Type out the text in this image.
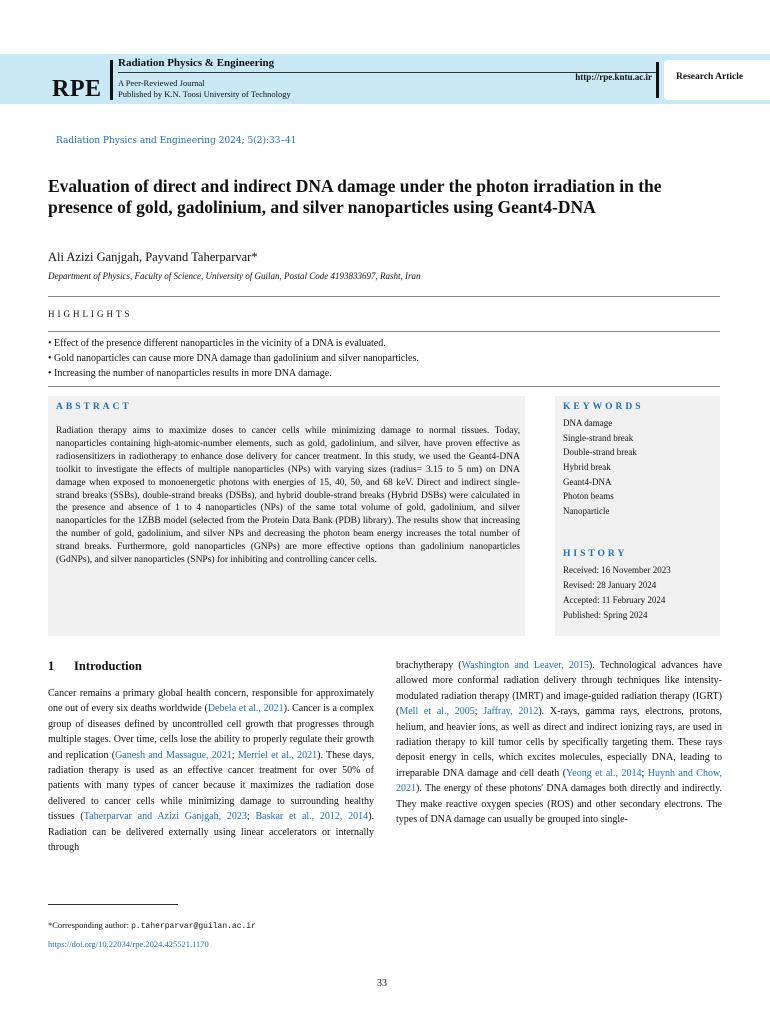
RPE
Radiation Physics & Engineering
A Peer-Reviewed Journal
Published by K.N. Toosi University of Technology
http://rpe.kntu.ac.ir	Research Article
Radiation Physics and Engineering 2024; 5(2):33–41
Evaluation of direct and indirect DNA damage under the photon irradiation in the presence of gold, gadolinium, and silver nanoparticles using Geant4-DNA
Ali Azizi Ganjgah, Payvand Taherparvar*
Department of Physics, Faculty of Science, University of Guilan, Postal Code 4193833697, Rasht, Iran
HIGHLIGHTS
• Effect of the presence different nanoparticles in the vicinity of a DNA is evaluated.
• Gold nanoparticles can cause more DNA damage than gadolinium and silver nanoparticles.
• Increasing the number of nanoparticles results in more DNA damage.
ABSTRACT
Radiation therapy aims to maximize doses to cancer cells while minimizing damage to normal tissues. Today, nanoparticles containing high-atomic-number elements, such as gold, gadolinium, and silver, have proven effective as radiosensitizers in radiotherapy to enhance dose delivery for cancer treatment. In this study, we used the Geant4-DNA toolkit to investigate the effects of multiple nanoparticles (NPs) with varying sizes (radius= 3.15 to 5 nm) on DNA damage when exposed to monoenergetic photons with energies of 15, 40, 50, and 68 keV. Direct and indirect single-strand breaks (SSBs), double-strand breaks (DSBs), and hybrid double-strand breaks (Hybrid DSBs) were calculated in the presence and absence of 1 to 4 nanoparticles (NPs) of the same total volume of gold, gadolinium, and silver nanoparticles for the 1ZBB model (selected from the Protein Data Bank (PDB) library). The results show that increasing the number of gold, gadolinium, and silver NPs and decreasing the photon beam energy increases the total number of strand breaks. Furthermore, gold nanoparticles (GNPs) are more effective options than gadolinium nanoparticles (GdNPs), and silver nanoparticles (SNPs) for inhibiting and controlling cancer cells.
KEYWORDS
DNA damage
Single-strand break
Double-strand break
Hybrid break
Geant4-DNA
Photon beams
Nanoparticle
HISTORY
Received: 16 November 2023
Revised: 28 January 2024
Accepted: 11 February 2024
Published: Spring 2024
1 Introduction
Cancer remains a primary global health concern, responsible for approximately one out of every six deaths worldwide (Debela et al., 2021). Cancer is a complex group of diseases defined by uncontrolled cell growth that progresses through multiple stages. Over time, cells lose the ability to properly regulate their growth and replication (Ganesh and Massague, 2021; Merriel et al., 2021). These days, radiation therapy is used as an effective cancer treatment for over 50% of patients with many types of cancer because it maximizes the radiation dose delivered to cancer cells while minimizing damage to surrounding healthy tissues (Taherparvar and Azizi Ganjgah, 2023; Baskar et al., 2012, 2014). Radiation can be delivered externally using linear accelerators or internally through
brachytherapy (Washington and Leaver, 2015). Technological advances have allowed more conformal radiation delivery through techniques like intensity-modulated radiation therapy (IMRT) and image-guided radiation therapy (IGRT) (Mell et al., 2005; Jaffray, 2012). X-rays, gamma rays, electrons, protons, helium, and heavier ions, as well as direct and indirect ionizing rays, are used in radiation therapy to kill tumor cells by specifically targeting them. These rays deposit energy in cells, which excites molecules, especially DNA, leading to irreparable DNA damage and cell death (Yeong et al., 2014; Huynh and Chow, 2021). The energy of these photons' DNA damages both directly and indirectly. They make reactive oxygen species (ROS) and other secondary electrons. The types of DNA damage can usually be grouped into single-
*Corresponding author: p.taherparvar@guilan.ac.ir
https://doi.org/10.22034/rpe.2024.425521.1170
33
